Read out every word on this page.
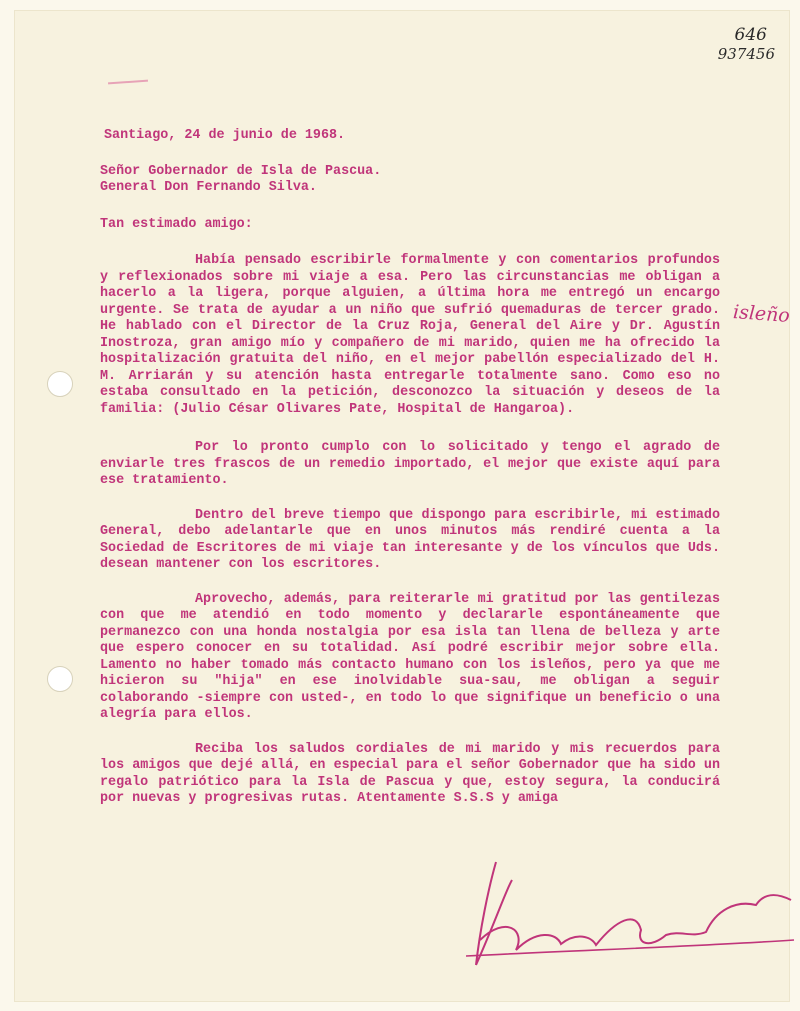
646
937456
isleño
Santiago, 24 de junio de 1968.

Señor Gobernador de Isla de Pascua.

General Don Fernando Silva.

Tan estimado amigo:

Había pensado escribirle formalmente y con comentarios profundos y reflexionados sobre mi viaje a esa. Pero las circunstancias me obligan a hacerlo a la ligera, porque alguien, a última hora me entregó un encargo urgente. Se trata de ayudar a un niño que sufrió quemaduras de tercer grado. He hablado con el Director de la Cruz Roja, General del Aire y Dr. Agustín Inostroza, gran amigo mío y compañero de mi marido, quien me ha ofrecido la hospitalización gratuita del niño, en el mejor pabellón especializado del H. M. Arriarán y su atención hasta entregarle totalmente sano. Como eso no estaba consultado en la petición, desconozco la situación y deseos de la familia: (Julio César Olivares Pate, Hospital de Hangaroa).

Por lo pronto cumplo con lo solicitado y tengo el agrado de enviarle tres frascos de un remedio importado, el mejor que existe aquí para ese tratamiento.

Dentro del breve tiempo que dispongo para escribirle, mi estimado General, debo adelantarle que en unos minutos más rendiré cuenta a la Sociedad de Escritores de mi viaje tan interesante y de los vínculos que Uds. desean mantener con los escritores.

Aprovecho, además, para reiterarle mi gratitud por las gentilezas con que me atendió en todo momento y declararle espontáneamente que permanezco con una honda nostalgia por esa isla tan llena de belleza y arte que espero conocer en su totalidad. Así podré escribir mejor sobre ella. Lamento no haber tomado más contacto humano con los isleños, pero ya que me hicieron su "hija" en ese inolvidable sua-sau, me obligan a seguir colaborando -siempre con usted-, en todo lo que signifique un beneficio o una alegría para ellos.

Reciba los saludos cordiales de mi marido y mis recuerdos para los amigos que dejé allá, en especial para el señor Gobernador que ha sido un regalo patriótico para la Isla de Pascua y que, estoy segura, la conducirá por nuevas y progresivas rutas. Atentamente S.S.S y amiga
